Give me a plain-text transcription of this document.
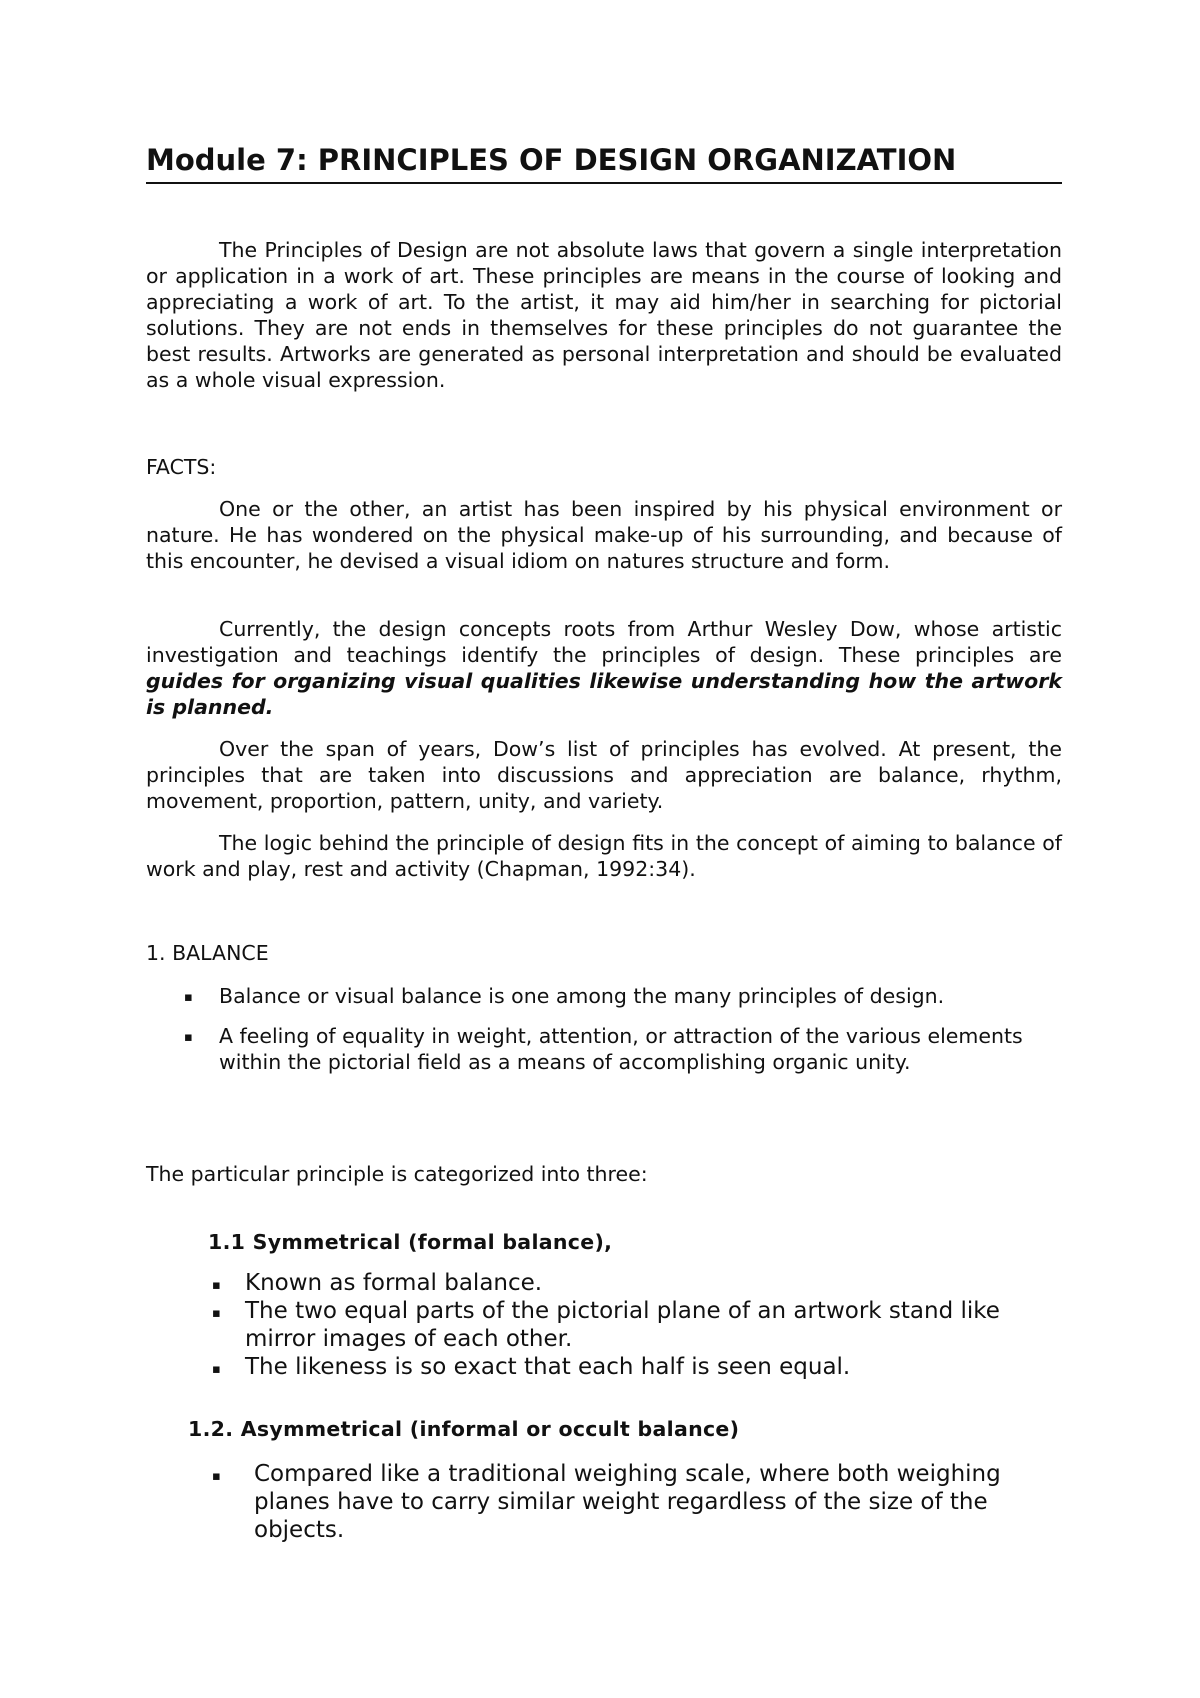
Module 7: PRINCIPLES OF DESIGN ORGANIZATION

The Principles of Design are not absolute laws that govern a single interpretation or application in a work of art. These principles are means in the course of looking and appreciating a work of art. To the artist, it may aid him/her in searching for pictorial solutions. They are not ends in themselves for these principles do not guarantee the best results. Artworks are generated as personal interpretation and should be evaluated as a whole visual expression.

FACTS:

One or the other, an artist has been inspired by his physical environment or nature. He has wondered on the physical make-up of his surrounding, and because of this encounter, he devised a visual idiom on natures structure and form.

Currently, the design concepts roots from Arthur Wesley Dow, whose artistic investigation and teachings identify the principles of design. These principles are guides for organizing visual qualities likewise understanding how the artwork is planned.

Over the span of years, Dow’s list of principles has evolved. At present, the principles that are taken into discussions and appreciation are balance, rhythm, movement, proportion, pattern, unity, and variety.

The logic behind the principle of design fits in the concept of aiming to balance of work and play, rest and activity (Chapman, 1992:34).

1. BALANCE

▪ Balance or visual balance is one among the many principles of design.
▪ A feeling of equality in weight, attention, or attraction of the various elements within the pictorial field as a means of accomplishing organic unity.

The particular principle is categorized into three:

1.1 Symmetrical (formal balance),

▪ Known as formal balance.
▪ The two equal parts of the pictorial plane of an artwork stand like mirror images of each other.
▪ The likeness is so exact that each half is seen equal.

1.2. Asymmetrical (informal or occult balance)

▪ Compared like a traditional weighing scale, where both weighing planes have to carry similar weight regardless of the size of the objects.
